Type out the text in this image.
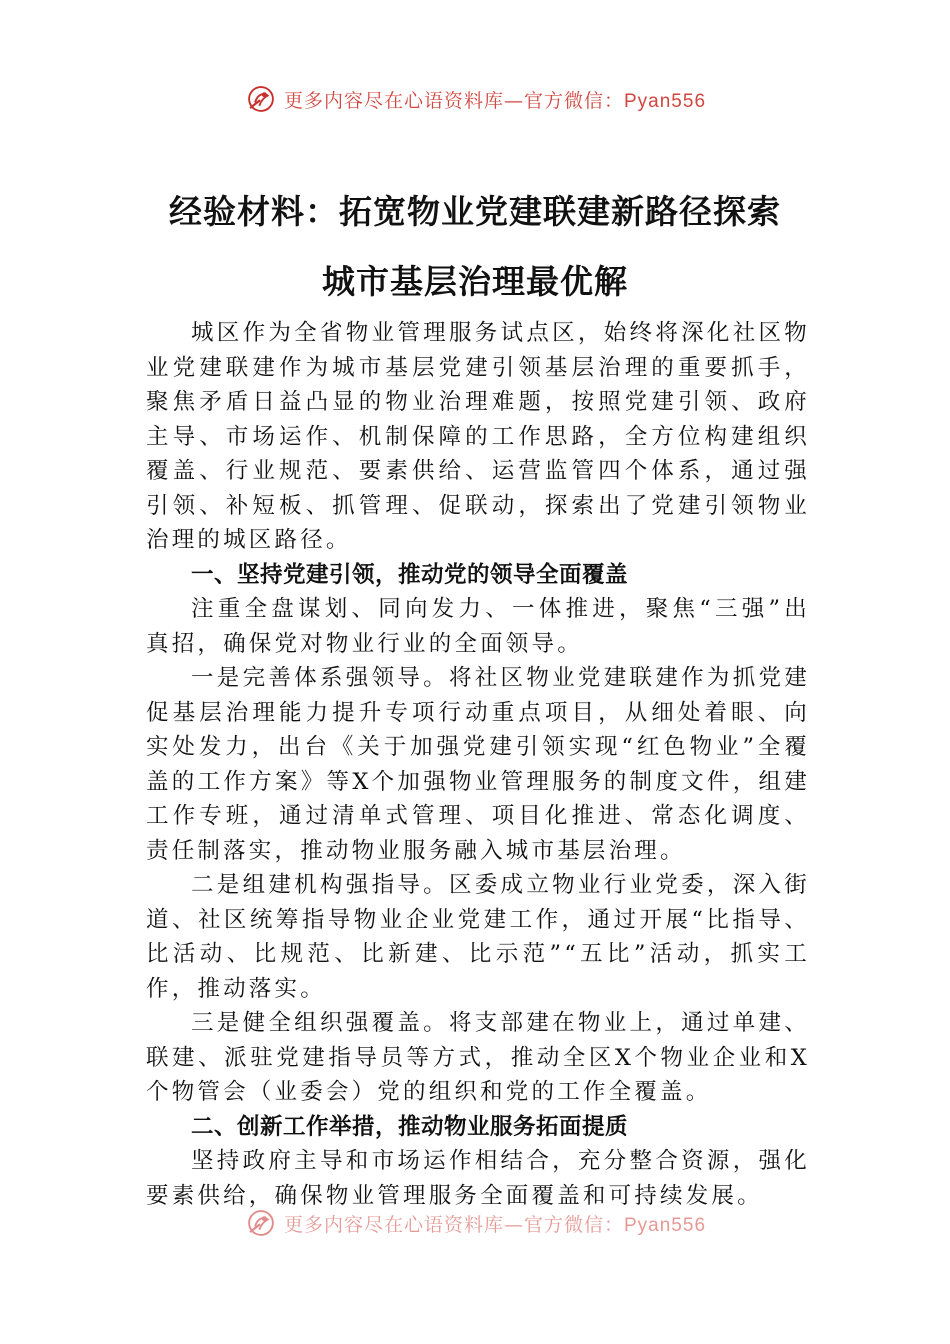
更多内容尽在心语资料库—官方微信：Pyan556
经验材料：拓宽物业党建联建新路径探索
城市基层治理最优解

城区作为全省物业管理服务试点区，始终将深化社区物业党建联建作为城市基层党建引领基层治理的重要抓手，聚焦矛盾日益凸显的物业治理难题，按照党建引领、政府主导、市场运作、机制保障的工作思路，全方位构建组织覆盖、行业规范、要素供给、运营监管四个体系，通过强引领、补短板、抓管理、促联动，探索出了党建引领物业治理的城区路径。

一、坚持党建引领，推动党的领导全面覆盖

注重全盘谋划、同向发力、一体推进，聚焦“三强”出真招，确保党对物业行业的全面领导。

一是完善体系强领导。将社区物业党建联建作为抓党建促基层治理能力提升专项行动重点项目，从细处着眼、向实处发力，出台《关于加强党建引领实现“红色物业”全覆盖的工作方案》等X个加强物业管理服务的制度文件，组建工作专班，通过清单式管理、项目化推进、常态化调度、责任制落实，推动物业服务融入城市基层治理。

二是组建机构强指导。区委成立物业行业党委，深入街道、社区统筹指导物业企业党建工作，通过开展“比指导、比活动、比规范、比新建、比示范”“五比”活动，抓实工作，推动落实。

三是健全组织强覆盖。将支部建在物业上，通过单建、联建、派驻党建指导员等方式，推动全区X个物业企业和X个物管会（业委会）党的组织和党的工作全覆盖。

二、创新工作举措，推动物业服务拓面提质

坚持政府主导和市场运作相结合，充分整合资源，强化要素供给，确保物业管理服务全面覆盖和可持续发展。

更多内容尽在心语资料库—官方微信：Pyan556
